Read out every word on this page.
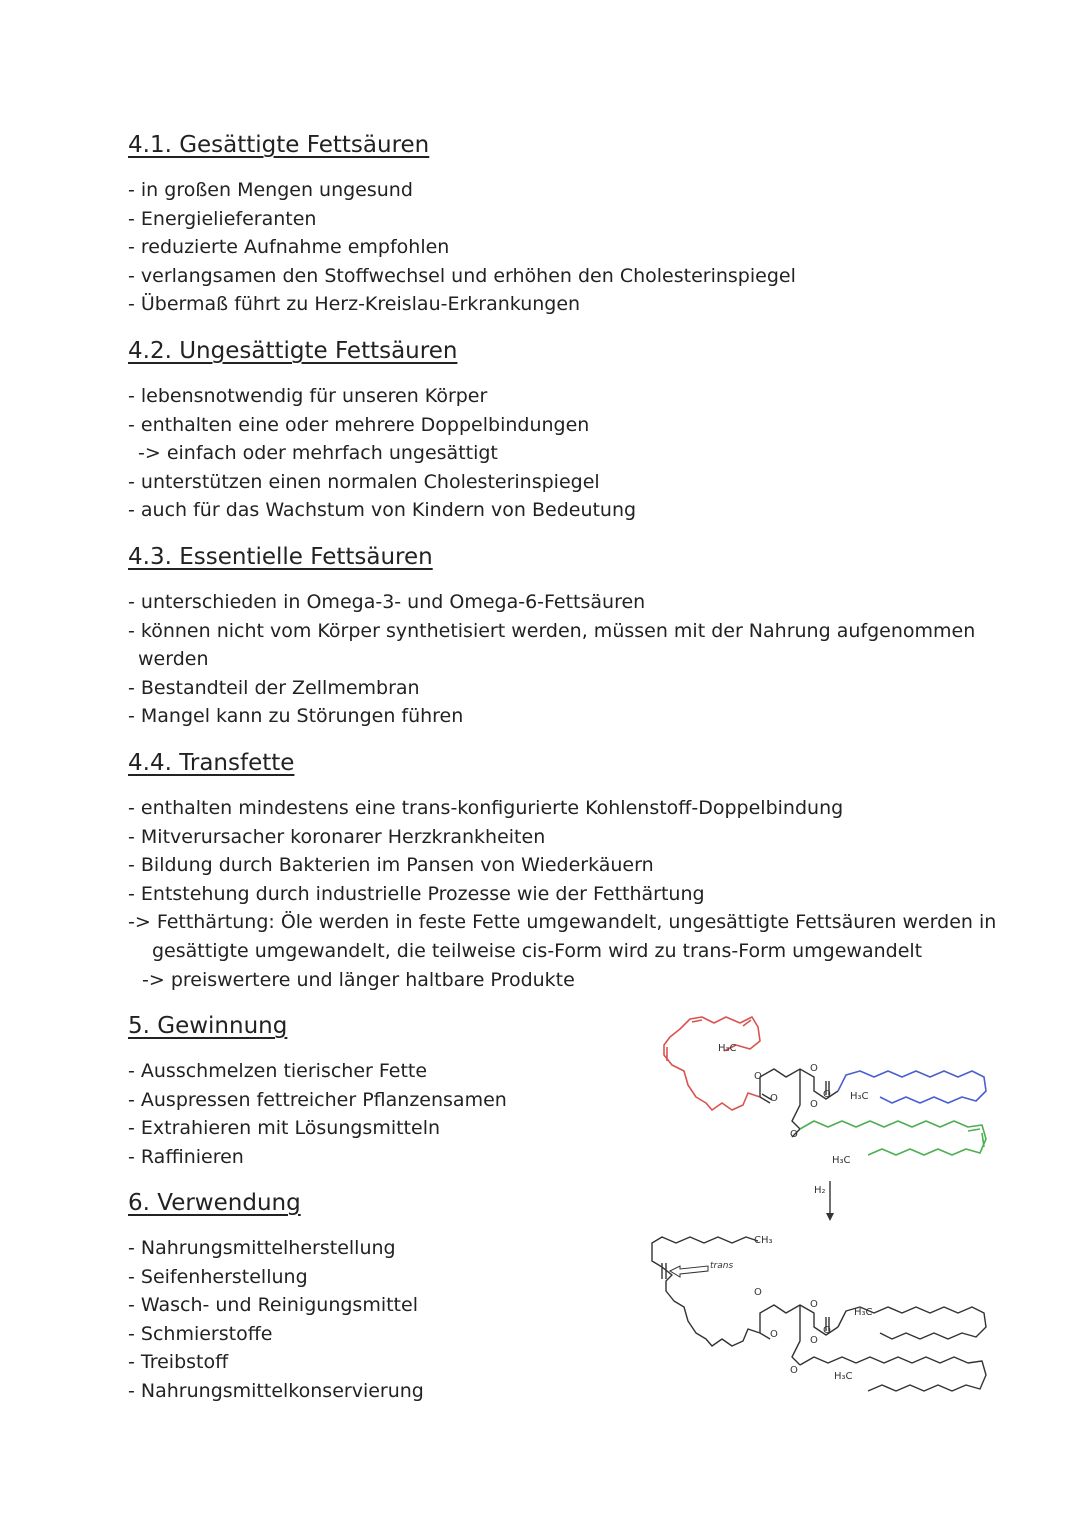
4.1. Gesättigte Fettsäuren
- in großen Mengen ungesund
- Energielieferanten
- reduzierte Aufnahme empfohlen
- verlangsamen den Stoffwechsel und erhöhen den Cholesterinspiegel
- Übermaß führt zu Herz-Kreislau-Erkrankungen
4.2. Ungesättigte Fettsäuren
- lebensnotwendig für unseren Körper
- enthalten eine oder mehrere Doppelbindungen
-> einfach oder mehrfach ungesättigt
- unterstützen einen normalen Cholesterinspiegel
- auch für das Wachstum von Kindern von Bedeutung
4.3. Essentielle Fettsäuren
- unterschieden in Omega-3- und Omega-6-Fettsäuren
- können nicht vom Körper synthetisiert werden, müssen mit der Nahrung aufgenommen
werden
- Bestandteil der Zellmembran
- Mangel kann zu Störungen führen
4.4. Transfette
- enthalten mindestens eine trans-konfigurierte Kohlenstoff-Doppelbindung
- Mitverursacher koronarer Herzkrankheiten
- Bildung durch Bakterien im Pansen von Wiederkäuern
- Entstehung durch industrielle Prozesse wie der Fetthärtung
-> Fetthärtung: Öle werden in feste Fette umgewandelt, ungesättigte Fettsäuren werden in
gesättigte umgewandelt, die teilweise cis-Form wird zu trans-Form umgewandelt
-> preiswertere und länger haltbare Produkte
5. Gewinnung
- Ausschmelzen tierischer Fette
- Auspressen fettreicher Pflanzensamen
- Extrahieren mit Lösungsmitteln
- Raffinieren
6. Verwendung
- Nahrungsmittelherstellung
- Seifenherstellung
- Wasch- und Reinigungsmittel
- Schmierstoffe
- Treibstoff
- Nahrungsmittelkonservierung
H₃C
H₃C
H₃C
O
O
O
O
O
O
H₂
trans
CH₃
H₃C
H₃C
O
O
O
O
O
O
